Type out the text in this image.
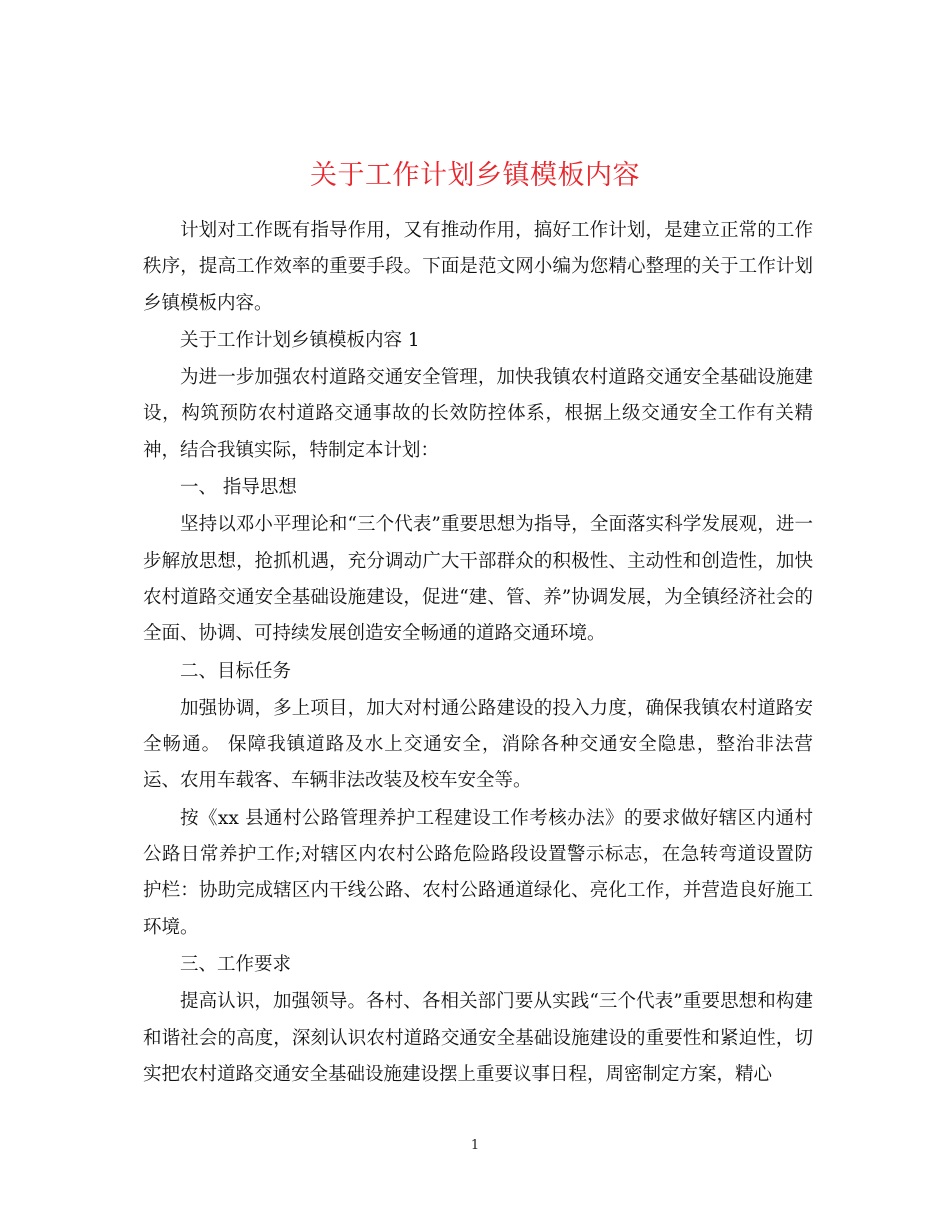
关于工作计划乡镇模板内容

计划对工作既有指导作用，又有推动作用，搞好工作计划，是建立正常的工作秩序，提高工作效率的重要手段。下面是范文网小编为您精心整理的关于工作计划乡镇模板内容。

关于工作计划乡镇模板内容 1

为进一步加强农村道路交通安全管理，加快我镇农村道路交通安全基础设施建设，构筑预防农村道路交通事故的长效防控体系，根据上级交通安全工作有关精神，结合我镇实际，特制定本计划：

一、 指导思想

坚持以邓小平理论和“三个代表”重要思想为指导，全面落实科学发展观，进一步解放思想，抢抓机遇，充分调动广大干部群众的积极性、主动性和创造性，加快农村道路交通安全基础设施建设，促进“建、管、养”协调发展，为全镇经济社会的全面、协调、可持续发展创造安全畅通的道路交通环境。

二、目标任务

加强协调，多上项目，加大对村通公路建设的投入力度，确保我镇农村道路安全畅通。 保障我镇道路及水上交通安全，消除各种交通安全隐患，整治非法营运、农用车载客、车辆非法改装及校车安全等。

按《xx 县通村公路管理养护工程建设工作考核办法》的要求做好辖区内通村公路日常养护工作;对辖区内农村公路危险路段设置警示标志，在急转弯道设置防护栏：协助完成辖区内干线公路、农村公路通道绿化、亮化工作，并营造良好施工环境。

三、工作要求

提高认识，加强领导。各村、各相关部门要从实践“三个代表”重要思想和构建和谐社会的高度，深刻认识农村道路交通安全基础设施建设的重要性和紧迫性，切实把农村道路交通安全基础设施建设摆上重要议事日程，周密制定方案，精心

1
